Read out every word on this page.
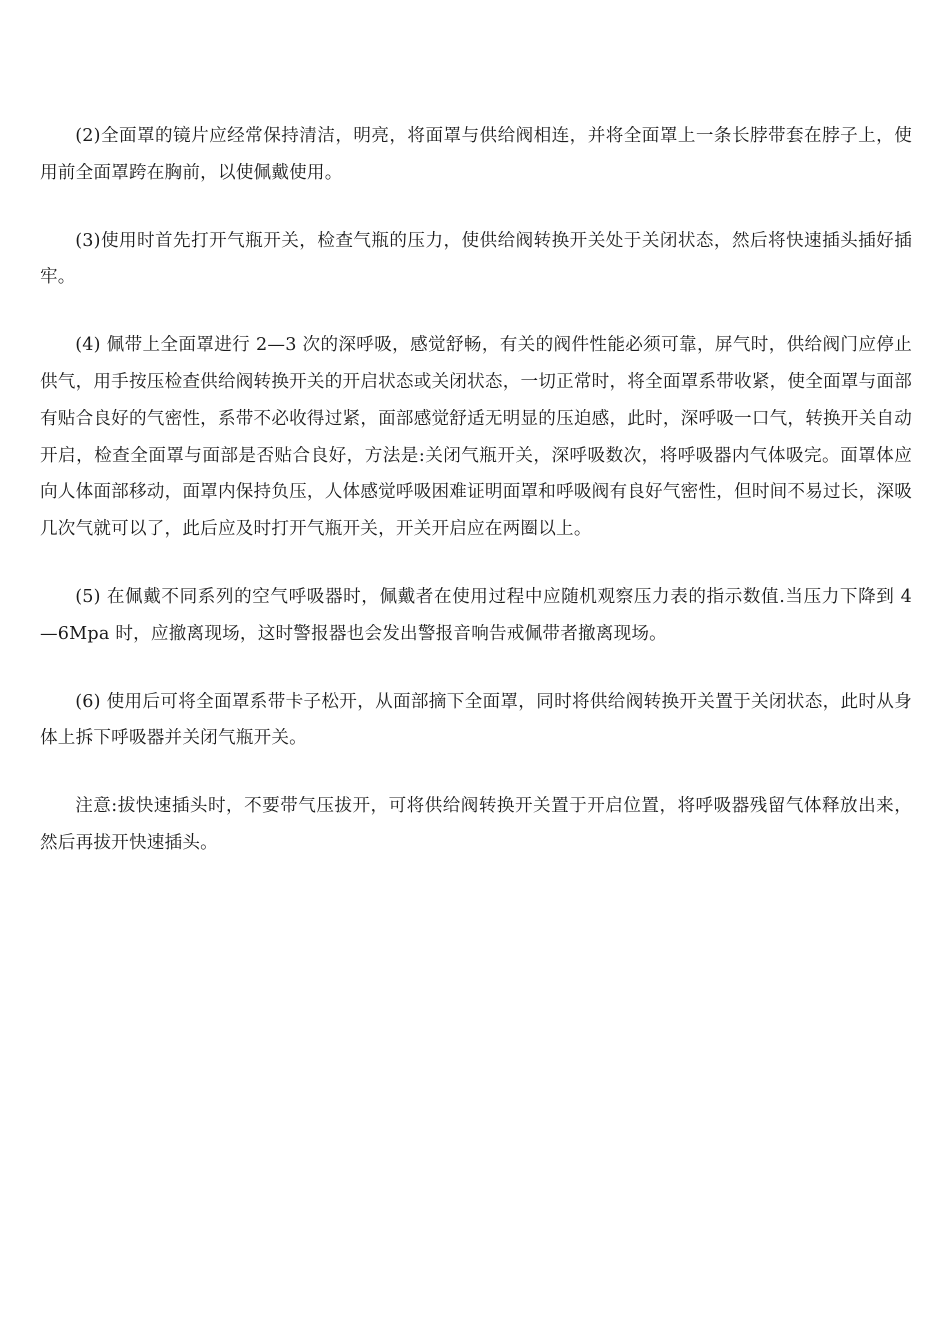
(2)全面罩的镜片应经常保持清洁，明亮，将面罩与供给阀相连，并将全面罩上一条长脖带套在脖子上，使用前全面罩跨在胸前，以使佩戴使用。

(3)使用时首先打开气瓶开关，检查气瓶的压力，使供给阀转换开关处于关闭状态，然后将快速插头插好插牢。

(4) 佩带上全面罩进行 2—3 次的深呼吸，感觉舒畅，有关的阀件性能必须可靠，屏气时，供给阀门应停止供气，用手按压检查供给阀转换开关的开启状态或关闭状态，一切正常时，将全面罩系带收紧，使全面罩与面部有贴合良好的气密性，系带不必收得过紧，面部感觉舒适无明显的压迫感，此时，深呼吸一口气，转换开关自动开启，检查全面罩与面部是否贴合良好，方法是:关闭气瓶开关，深呼吸数次，将呼吸器内气体吸完。面罩体应向人体面部移动，面罩内保持负压，人体感觉呼吸困难证明面罩和呼吸阀有良好气密性，但时间不易过长，深吸几次气就可以了，此后应及时打开气瓶开关，开关开启应在两圈以上。

(5) 在佩戴不同系列的空气呼吸器时，佩戴者在使用过程中应随机观察压力表的指示数值.当压力下降到 4—6Mpa 时，应撤离现场，这时警报器也会发出警报音响告戒佩带者撤离现场。

(6) 使用后可将全面罩系带卡子松开，从面部摘下全面罩，同时将供给阀转换开关置于关闭状态，此时从身体上拆下呼吸器并关闭气瓶开关。

注意:拔快速插头时，不要带气压拔开，可将供给阀转换开关置于开启位置，将呼吸器残留气体释放出来，然后再拔开快速插头。
